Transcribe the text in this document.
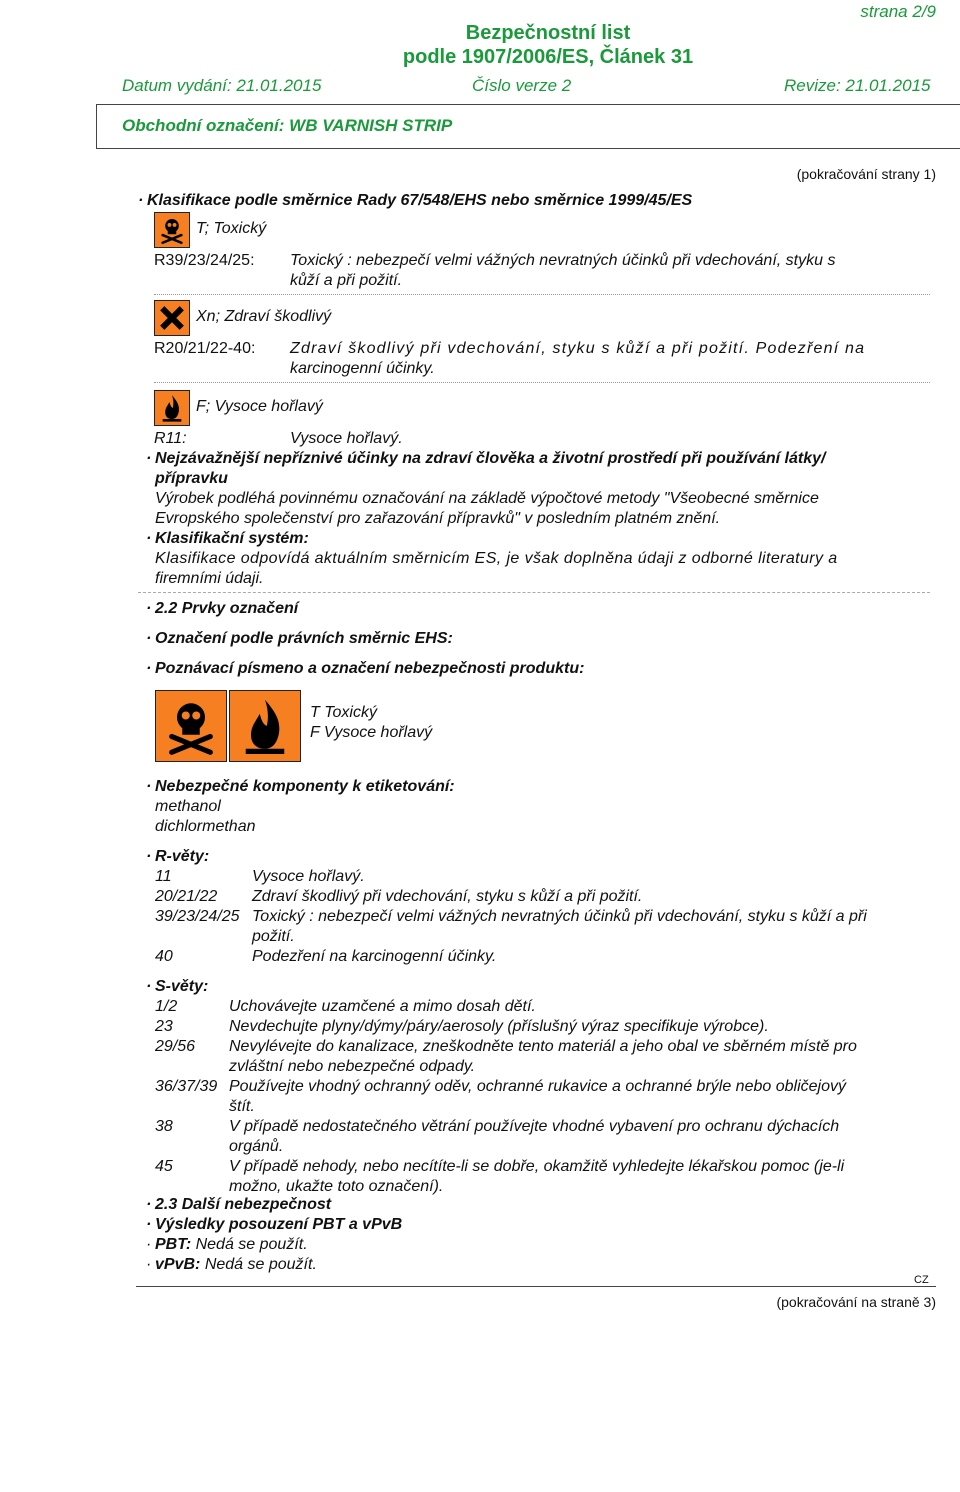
strana 2/9
Bezpečnostní list
podle 1907/2006/ES, Článek 31
Datum vydání: 21.01.2015	Číslo verze 2	Revize: 21.01.2015
Obchodní označení: WB VARNISH STRIP
(pokračování strany 1)
· Klasifikace podle směrnice Rady 67/548/EHS nebo směrnice 1999/45/ES
T; Toxický
R39/23/24/25: Toxický : nebezpečí velmi vážných nevratných účinků při vdechování, styku s
kůží a při požití.
Xn; Zdraví škodlivý
R20/21/22-40: Zdraví škodlivý při vdechování, styku s kůží a při požití. Podezření na
karcinogenní účinky.
F; Vysoce hořlavý
R11:	Vysoce hořlavý.
· Nejzávažnější nepříznivé účinky na zdraví člověka a životní prostředí při používání látky/
přípravku
Výrobek podléhá povinnému označování na základě výpočtové metody "Všeobecné směrnice
Evropského společenství pro zařazování přípravků" v posledním platném znění.
· Klasifikační systém:
Klasifikace odpovídá aktuálním směrnicím ES, je však doplněna údaji z odborné literatury a
firemními údaji.
· 2.2 Prvky označení
· Označení podle právních směrnic EHS:
· Poznávací písmeno a označení nebezpečnosti produktu:
T Toxický
F Vysoce hořlavý
· Nebezpečné komponenty k etiketování:
methanol
dichlormethan
· R-věty:
11	Vysoce hořlavý.
20/21/22 Zdraví škodlivý při vdechování, styku s kůží a při požití.
39/23/24/25 Toxický : nebezpečí velmi vážných nevratných účinků při vdechování, styku s kůží a při
požití.
40	Podezření na karcinogenní účinky.
· S-věty:
1/2	Uchovávejte uzamčené a mimo dosah dětí.
23	Nevdechujte plyny/dýmy/páry/aerosoly (příslušný výraz specifikuje výrobce).
29/56 Nevylévejte do kanalizace, zneškodněte tento materiál a jeho obal ve sběrném místě pro
zvláštní nebo nebezpečné odpady.
36/37/39 Používejte vhodný ochranný oděv, ochranné rukavice a ochranné brýle nebo obličejový
štít.
38	V případě nedostatečného větrání používejte vhodné vybavení pro ochranu dýchacích
orgánů.
45	V případě nehody, nebo necítíte-li se dobře, okamžitě vyhledejte lékařskou pomoc (je-li
možno, ukažte toto označení).
· 2.3 Další nebezpečnost
· Výsledky posouzení PBT a vPvB
· PBT: Nedá se použít.
· vPvB: Nedá se použít.
CZ
(pokračování na straně 3)
